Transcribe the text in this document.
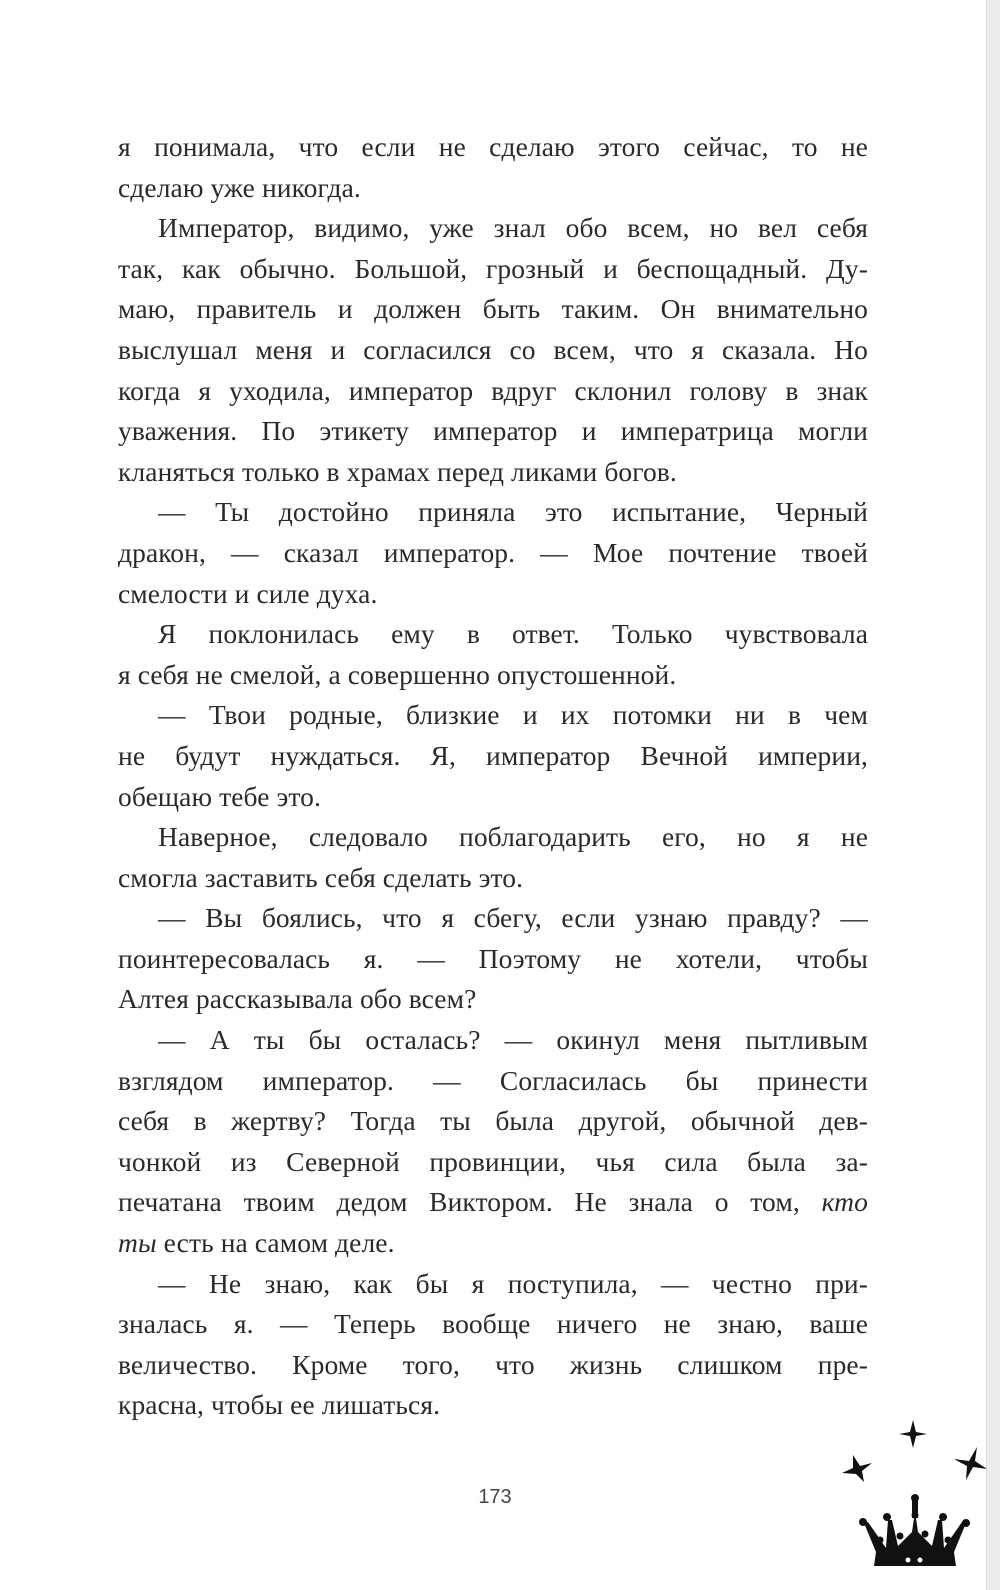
я понимала, что если не сделаю этого сейчас, то не
сделаю уже никогда.
Император, видимо, уже знал обо всем, но вел себя
так, как обычно. Большой, грозный и беспощадный. Ду-
маю, правитель и должен быть таким. Он внимательно
выслушал меня и согласился со всем, что я сказала. Но
когда я уходила, император вдруг склонил голову в знак
уважения. По этикету император и императрица могли
кланяться только в храмах перед ликами богов.
— Ты достойно приняла это испытание, Черный
дракон, — сказал император. — Мое почтение твоей
смелости и силе духа.
Я поклонилась ему в ответ. Только чувствовала
я себя не смелой, а совершенно опустошенной.
— Твои родные, близкие и их потомки ни в чем
не будут нуждаться. Я, император Вечной империи,
обещаю тебе это.
Наверное, следовало поблагодарить его, но я не
смогла заставить себя сделать это.
— Вы боялись, что я сбегу, если узнаю правду? —
поинтересовалась я. — Поэтому не хотели, чтобы
Алтея рассказывала обо всем?
— А ты бы осталась? — окинул меня пытливым
взглядом император. — Согласилась бы принести
себя в жертву? Тогда ты была другой, обычной дев-
чонкой из Северной провинции, чья сила была за-
печатана твоим дедом Виктором. Не знала о том, кто
ты есть на самом деле.
— Не знаю, как бы я поступила, — честно при-
зналась я. — Теперь вообще ничего не знаю, ваше
величество. Кроме того, что жизнь слишком пре-
красна, чтобы ее лишаться.
173
